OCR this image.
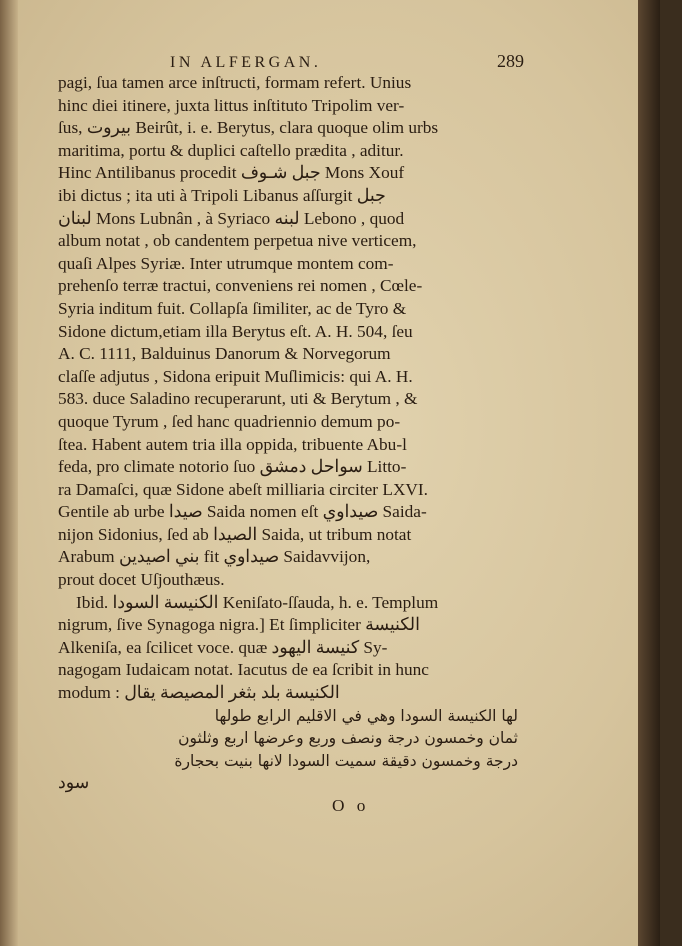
IN ALFERGAN.	289
pagi, ſua tamen arce inſtructi, formam refert. Unius
hinc diei itinere, juxta littus inſtituto Tripolim ver-
ſus, بيروت Beirût, i. e. Berytus, clara quoque olim urbs
maritima, portu & duplici caſtello prædita , aditur.
Hinc Antilibanus procedit جبل شـوف Mons Xouf
ibi dictus ; ita uti à Tripoli Libanus aſſurgit جبل
لبنان Mons Lubnân , à Syriaco لبنه Lebono , quod
album notat , ob candentem perpetua nive verticem,
quaſi Alpes Syriæ. Inter utrumque montem com-
prehenſo terræ tractui, conveniens rei nomen , Cœle-
Syria inditum fuit. Collapſa ſimiliter, ac de Tyro &
Sidone dictum,etiam illa Berytus eſt. A. H. 504, ſeu
A. C. 1111, Balduinus Danorum & Norvegorum
claſſe adjutus , Sidona eripuit Muſlimicis: qui A. H.
583. duce Saladino recuperarunt, uti & Berytum , &
quoque Tyrum , ſed hanc quadriennio demum po-
ſtea. Habent autem tria illa oppida, tribuente Abu-l
feda, pro climate notorio ſuo سواحل دمشق Litto-
ra Damaſci, quæ Sidone abeſt milliaria circiter LXVI.
Gentile ab urbe صيدا Saida nomen eſt صيداوي Saida-
nijon Sidonius, ſed ab الصيدا Saida, ut tribum notat
Arabum بني اصيدين fit صيداوي Saidavvijon,
prout docet Uſjouthæus.
Ibid. الكنيسة السودا Keniſato-ſſauda, h. e. Templum
nigrum, ſive Synagoga nigra.] Et ſimpliciter الكنيسة
Alkeniſa, ea ſcilicet voce. quæ كنيسة اليهود Sy-
nagogam Iudaicam notat. Iacutus de ea ſcribit in hunc
modum : الكنيسة بلد بثغر المصيصة يقال
لها الكنيسة السودا وهي في الاقليم الرابع طولها
ثمان وخمسون درجة ونصف وربع وعرضها اربع وثلثون
درجة وخمسون دقيقة سميت السودا لانها بنيت بحجارة
سود
O o
